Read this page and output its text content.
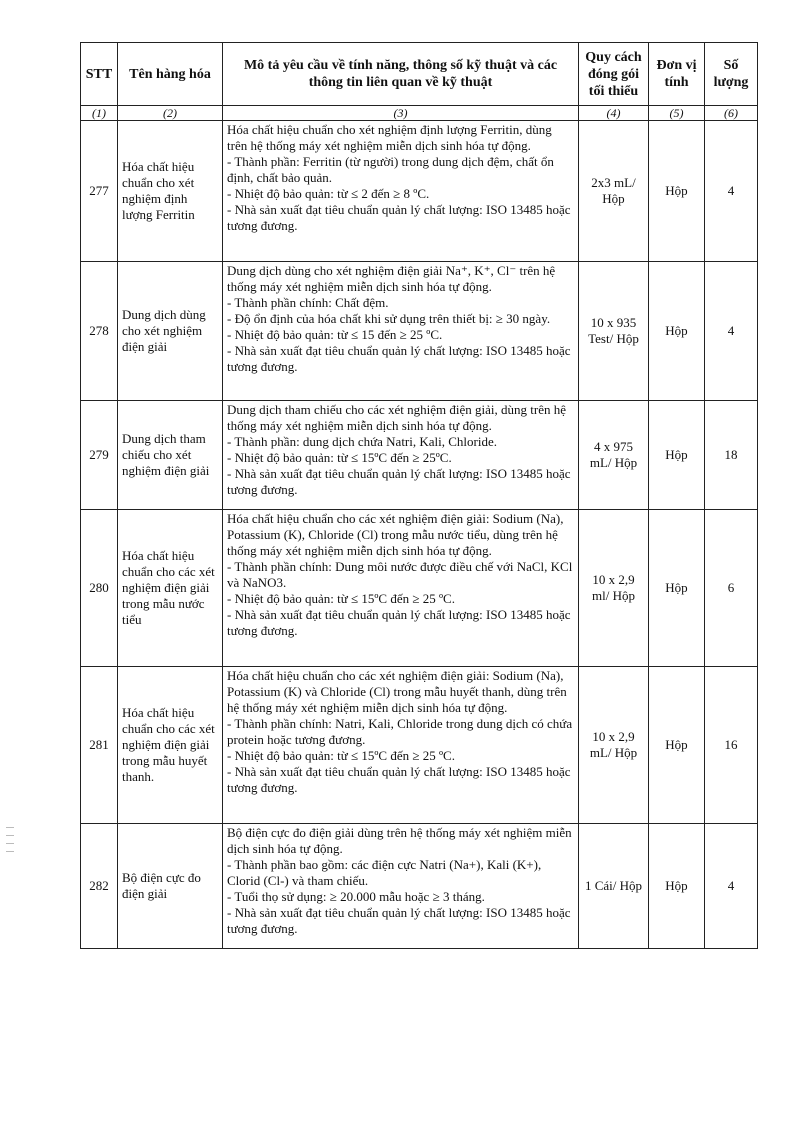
STT	Tên hàng hóa	Mô tả yêu cầu về tính năng, thông số kỹ thuật và các thông tin liên quan về kỹ thuật	Quy cách đóng gói tối thiểu	Đơn vị tính	Số lượng
(1)	(2)	(3)	(4)	(5)	(6)
277	Hóa chất hiệu chuẩn cho xét nghiệm định lượng Ferritin	Hóa chất hiệu chuẩn cho xét nghiệm định lượng Ferritin, dùng trên hệ thống máy xét nghiệm miễn dịch sinh hóa tự động.
- Thành phần: Ferritin (từ người) trong dung dịch đệm, chất ổn định, chất bảo quản.
- Nhiệt độ bảo quản: từ ≤ 2 đến ≥ 8 ºC.
- Nhà sản xuất đạt tiêu chuẩn quản lý chất lượng: ISO 13485 hoặc tương đương.	2x3 mL/ Hộp	Hộp	4
278	Dung dịch dùng cho xét nghiệm điện giải	Dung dịch dùng cho xét nghiệm điện giải Na⁺, K⁺, Cl⁻ trên hệ thống máy xét nghiệm miễn dịch sinh hóa tự động.
- Thành phần chính: Chất đệm.
- Độ ổn định của hóa chất khi sử dụng trên thiết bị: ≥ 30 ngày.
- Nhiệt độ bảo quản: từ ≤ 15 đến ≥ 25 ºC.
- Nhà sản xuất đạt tiêu chuẩn quản lý chất lượng: ISO 13485 hoặc tương đương.	10 x 935 Test/ Hộp	Hộp	4
279	Dung dịch tham chiếu cho xét nghiệm điện giải	Dung dịch tham chiếu cho các xét nghiệm điện giải, dùng trên hệ thống máy xét nghiệm miễn dịch sinh hóa tự động.
- Thành phần: dung dịch chứa Natri, Kali, Chloride.
- Nhiệt độ bảo quản: từ ≤ 15ºC đến ≥ 25ºC.
- Nhà sản xuất đạt tiêu chuẩn quản lý chất lượng: ISO 13485 hoặc tương đương.	4 x 975 mL/ Hộp	Hộp	18
280	Hóa chất hiệu chuẩn cho các xét nghiệm điện giải trong mẫu nước tiểu	Hóa chất hiệu chuẩn cho các xét nghiệm điện giải: Sodium (Na), Potassium (K), Chloride (Cl) trong mẫu nước tiểu, dùng trên hệ thống máy xét nghiệm miễn dịch sinh hóa tự động.
- Thành phần chính: Dung môi nước được điều chế với NaCl, KCl và NaNO3.
- Nhiệt độ bảo quản: từ ≤ 15ºC đến ≥ 25 ºC.
- Nhà sản xuất đạt tiêu chuẩn quản lý chất lượng: ISO 13485 hoặc tương đương.	10 x 2,9 ml/ Hộp	Hộp	6
281	Hóa chất hiệu chuẩn cho các xét nghiệm điện giải trong mẫu huyết thanh.	Hóa chất hiệu chuẩn cho các xét nghiệm điện giải: Sodium (Na), Potassium (K) và Chloride (Cl) trong mẫu huyết thanh, dùng trên hệ thống máy xét nghiệm miễn dịch sinh hóa tự động.
- Thành phần chính: Natri, Kali, Chloride trong dung dịch có chứa protein hoặc tương đương.
- Nhiệt độ bảo quản: từ ≤ 15ºC đến ≥ 25 ºC.
- Nhà sản xuất đạt tiêu chuẩn quản lý chất lượng: ISO 13485 hoặc tương đương.	10 x 2,9 mL/ Hộp	Hộp	16
282	Bộ điện cực đo điện giải	Bộ điện cực đo điện giải dùng trên hệ thống máy xét nghiệm miễn dịch sinh hóa tự động.
- Thành phần bao gồm: các điện cực Natri (Na+), Kali (K+), Clorid (Cl-) và tham chiếu.
- Tuổi thọ sử dụng: ≥ 20.000 mẫu hoặc ≥ 3 tháng.
- Nhà sản xuất đạt tiêu chuẩn quản lý chất lượng: ISO 13485 hoặc tương đương.	1 Cái/ Hộp	Hộp	4
